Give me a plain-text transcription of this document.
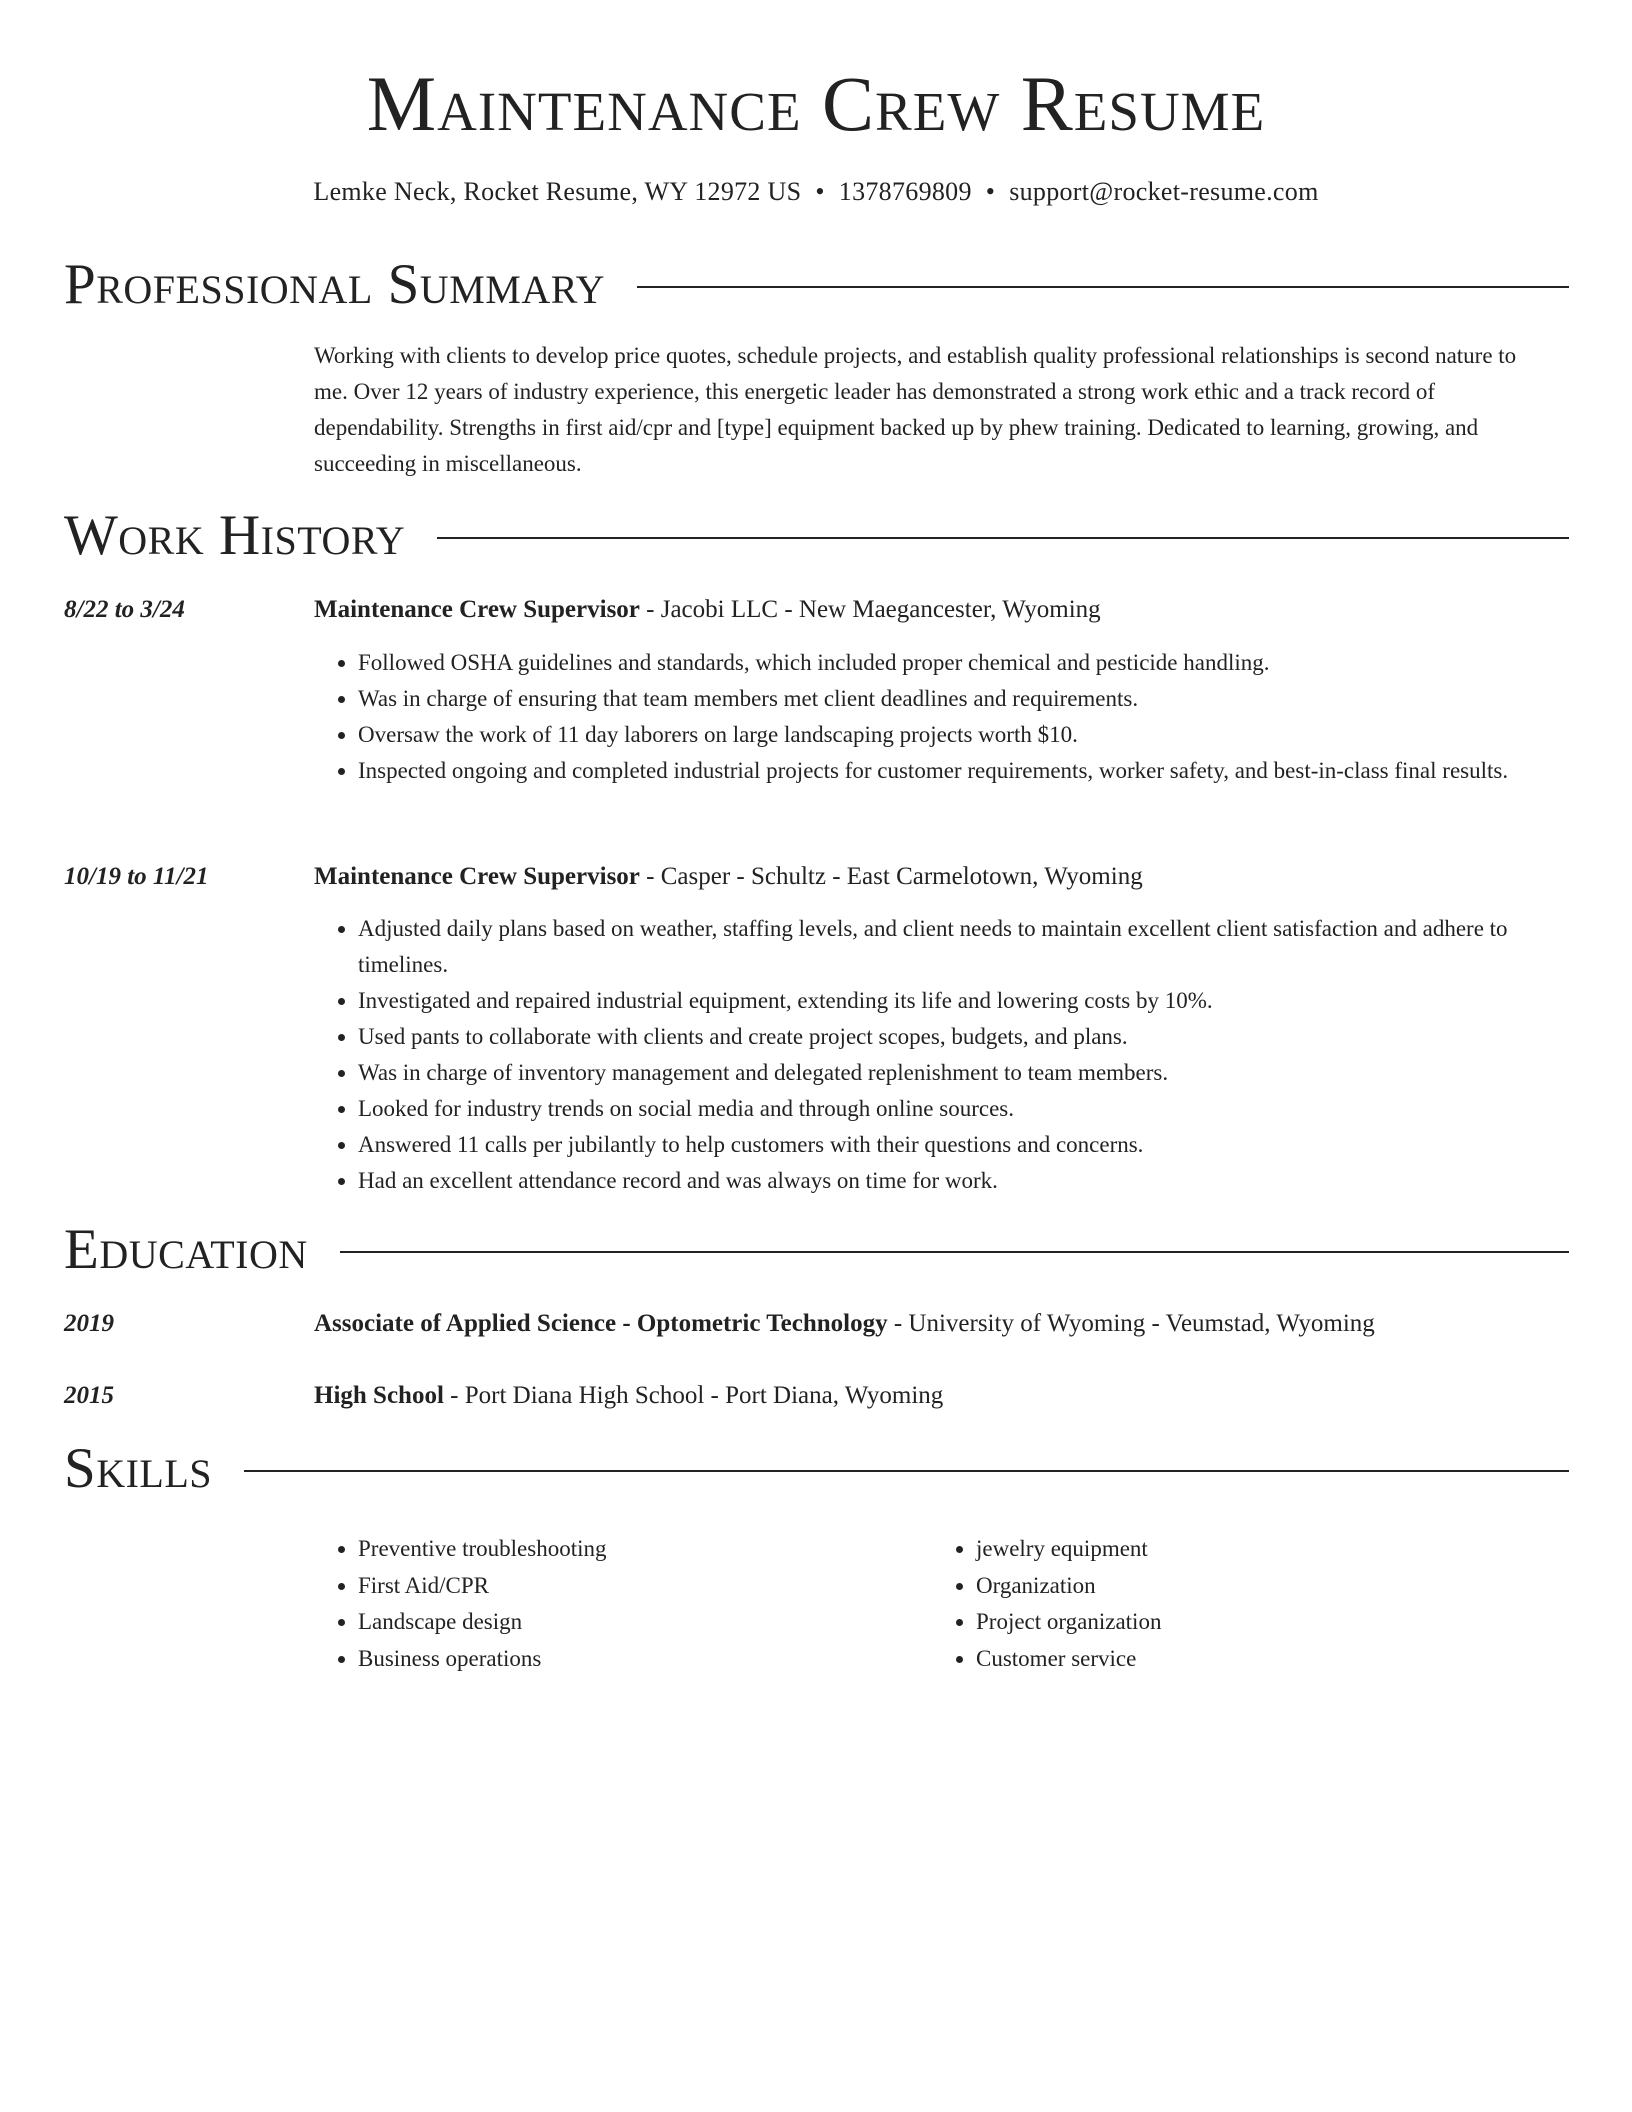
Maintenance Crew Resume
Lemke Neck, Rocket Resume, WY 12972 US • 1378769809 • support@rocket-resume.com
Professional Summary
Working with clients to develop price quotes, schedule projects, and establish quality professional relationships is second nature to me. Over 12 years of industry experience, this energetic leader has demonstrated a strong work ethic and a track record of dependability. Strengths in first aid/cpr and [type] equipment backed up by phew training. Dedicated to learning, growing, and succeeding in miscellaneous.
Work History
8/22 to 3/24	Maintenance Crew Supervisor - Jacobi LLC - New Maegancester, Wyoming
• Followed OSHA guidelines and standards, which included proper chemical and pesticide handling.
• Was in charge of ensuring that team members met client deadlines and requirements.
• Oversaw the work of 11 day laborers on large landscaping projects worth $10.
• Inspected ongoing and completed industrial projects for customer requirements, worker safety, and best-in-class final results.
10/19 to 11/21	Maintenance Crew Supervisor - Casper - Schultz - East Carmelotown, Wyoming
• Adjusted daily plans based on weather, staffing levels, and client needs to maintain excellent client satisfaction and adhere to timelines.
• Investigated and repaired industrial equipment, extending its life and lowering costs by 10%.
• Used pants to collaborate with clients and create project scopes, budgets, and plans.
• Was in charge of inventory management and delegated replenishment to team members.
• Looked for industry trends on social media and through online sources.
• Answered 11 calls per jubilantly to help customers with their questions and concerns.
• Had an excellent attendance record and was always on time for work.
Education
2019	Associate of Applied Science - Optometric Technology - University of Wyoming - Veumstad, Wyoming
2015	High School - Port Diana High School - Port Diana, Wyoming
Skills
• Preventive troubleshooting
• First Aid/CPR
• Landscape design
• Business operations
• jewelry equipment
• Organization
• Project organization
• Customer service
